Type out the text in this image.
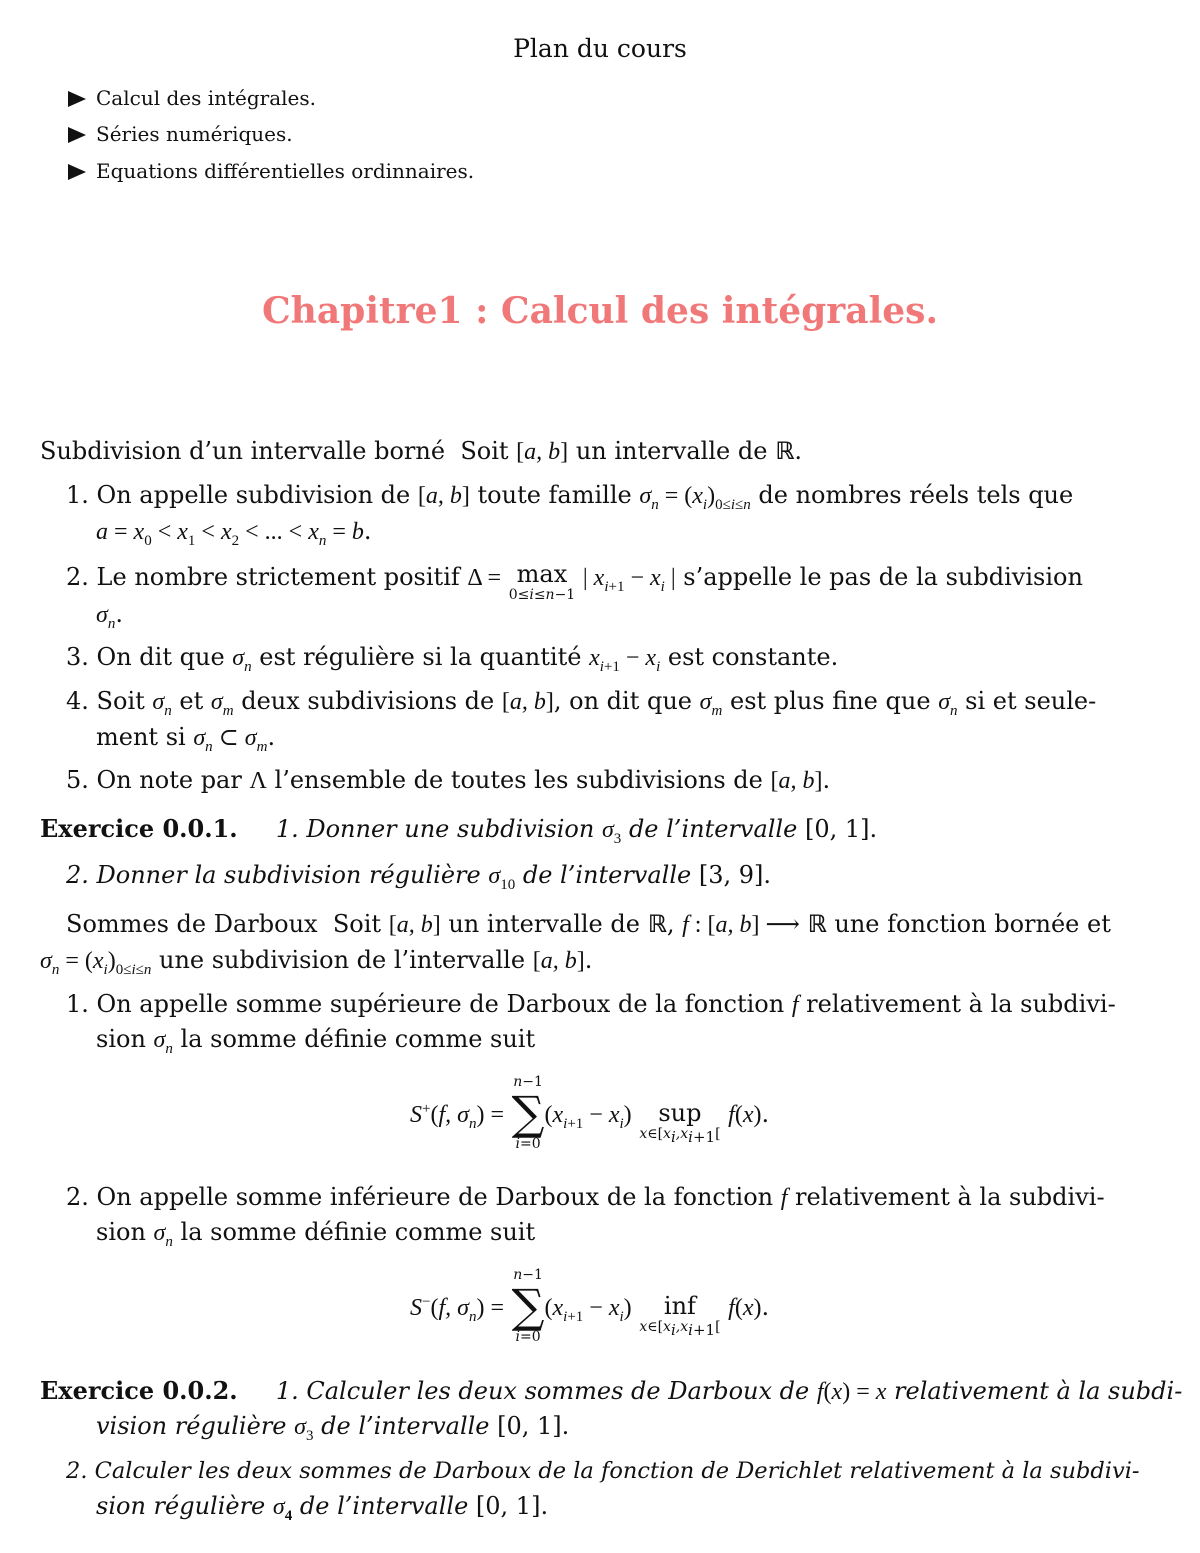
Plan du cours
Calcul des intégrales.
Séries numériques.
Equations différentielles ordinnaires.
Chapitre1 : Calcul des intégrales.
Subdivision d’un intervalle borné Soit [a, b] un intervalle de ℝ.
1. On appelle subdivision de [a, b] toute famille $\sigma_n = (x_i)_{0\le i\le n}$ de nombres réels tels que
$a = x_0 < x_1 < x_2$ < ... < $x_n = b$.
2. Le nombre strictement positif Δ = max
0≤i≤n−1
| $x_{i+1} - x_i$ | s’appelle le pas de la subdivision
$\sigma_n$.
3. On dit que $\sigma_n$ est régulière si la quantité $x_{i+1} - x_i$ est constante.
4. Soit $\sigma_n$ et $\sigma_m$ deux subdivisions de [a, b], on dit que $\sigma_m$ est plus fine que $\sigma_n$ si et seule-
ment si $\sigma_n$ ⊂ $\sigma_m$.
5. On note par Λ l’ensemble de toutes les subdivisions de [a, b].
Exercice 0.0.1. 1. Donner une subdivision $\sigma_3$ de l’intervalle [0, 1].
2. Donner la subdivision régulière $\sigma_{10}$ de l’intervalle [3, 9].
Sommes de Darboux Soit [a, b] un intervalle de ℝ, f : [a, b] ⟶ ℝ une fonction bornée et
$\sigma_n = (x_i)_{0\le i\le n}$ une subdivision de l’intervalle [a, b].
1. On appelle somme supérieure de Darboux de la fonction f relativement à la subdivi-
sion $\sigma_n$ la somme définie comme suit
S+(f, $\sigma_n$) =
n−1
∑
i=0
$(x_{i+1} - x_i)$	sup
$x\in[x_i,x_{i+1}$[
f(x).
2. On appelle somme inférieure de Darboux de la fonction f relativement à la subdivi-
sion $\sigma_n$ la somme définie comme suit
S−(f, $\sigma_n$) =
n−1
∑
i=0
$(x_{i+1} - x_i)$	inf
$x\in[x_i,x_{i+1}$[
f(x).
Exercice 0.0.2. 1. Calculer les deux sommes de Darboux de f(x) = x relativement à la subdi-
vision régulière $\sigma_3$ de l’intervalle [0, 1].
2. Calculer les deux sommes de Darboux de la fonction de Derichlet relativement à la subdivi-
sion régulière $\sigma_4$ de l’intervalle [0, 1].
